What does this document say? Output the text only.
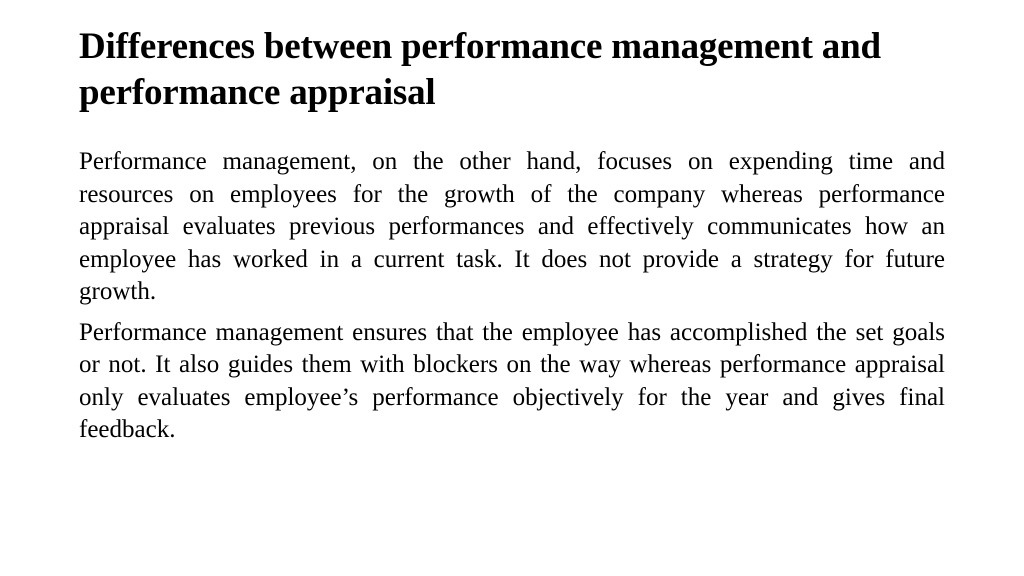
Differences between performance management and performance appraisal

Performance management, on the other hand, focuses on expending time and resources on employees for the growth of the company whereas performance appraisal evaluates previous performances and effectively communicates how an employee has worked in a current task. It does not provide a strategy for future growth.

Performance management ensures that the employee has accomplished the set goals or not. It also guides them with blockers on the way whereas performance appraisal only evaluates employee’s performance objectively for the year and gives final feedback.
